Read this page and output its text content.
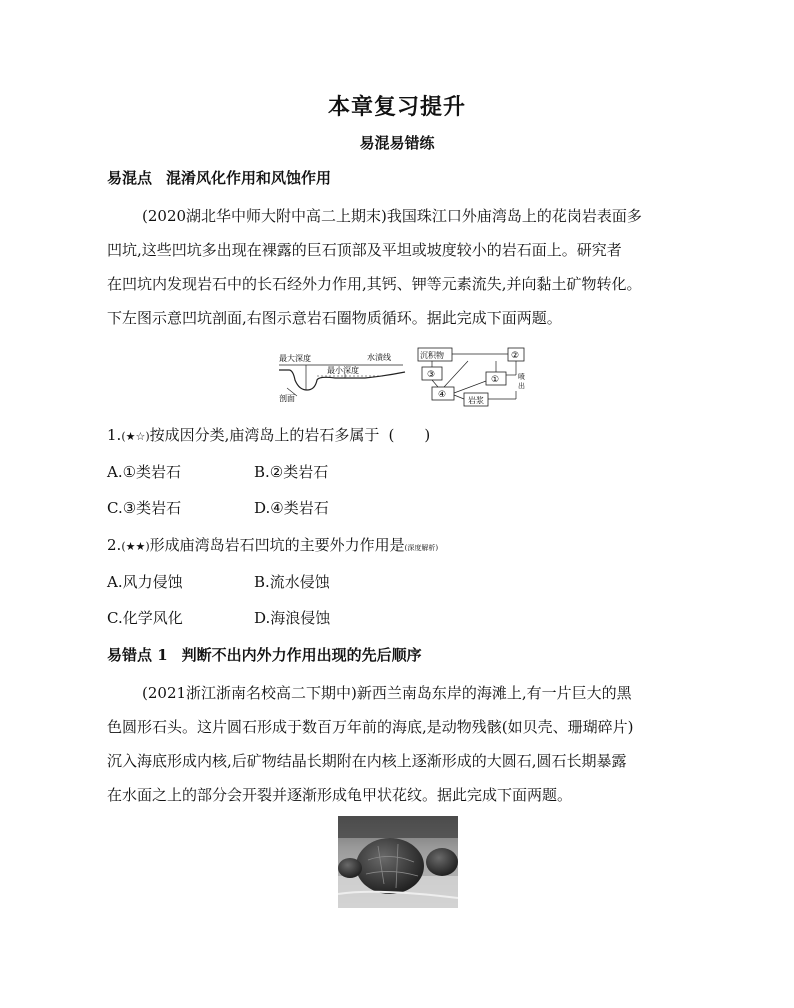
本章复习提升
易混易错练
易混点 混淆风化作用和风蚀作用
(2020湖北华中师大附中高二上期末)我国珠江口外庙湾岛上的花岗岩表面多
凹坑,这些凹坑多出现在裸露的巨石顶部及平坦或坡度较小的岩石面上。研究者
在凹坑内发现岩石中的长石经外力作用,其钙、钾等元素流失,并向黏土矿物转化。
下左图示意凹坑剖面,右图示意岩石圈物质循环。据此完成下面两题。
最大深度	水渍线
最小深度
剖面
沉积物	②
③	①
④
岩浆
喷
出
1.(★☆)按成因分类,庙湾岛上的岩石多属于 (　　)
A.①类岩石	B.②类岩石
C.③类岩石	D.④类岩石
2.(★★)形成庙湾岛岩石凹坑的主要外力作用是(深度解析)
A.风力侵蚀	B.流水侵蚀
C.化学风化	D.海浪侵蚀
易错点 1 判断不出内外力作用出现的先后顺序
(2021浙江浙南名校高二下期中)新西兰南岛东岸的海滩上,有一片巨大的黑
色圆形石头。这片圆石形成于数百万年前的海底,是动物残骸(如贝壳、珊瑚碎片)
沉入海底形成内核,后矿物结晶长期附在内核上逐渐形成的大圆石,圆石长期暴露
在水面之上的部分会开裂并逐渐形成龟甲状花纹。据此完成下面两题。
